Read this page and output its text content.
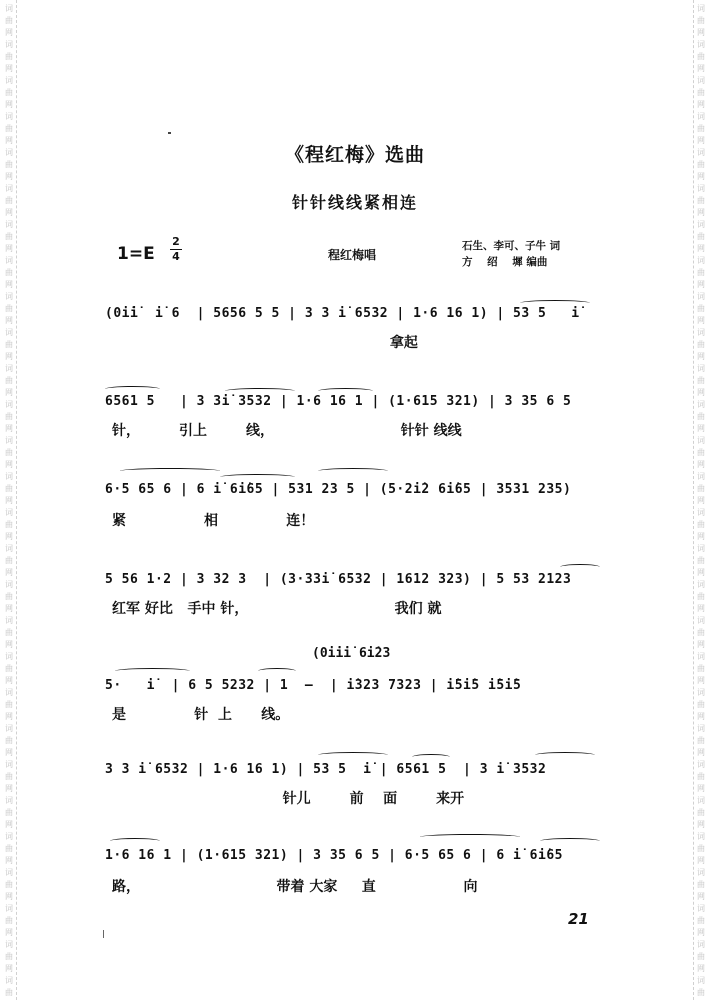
词
曲
网
词
曲
网
词
曲
网
词
曲
网
词
曲
网
词
曲
网
词
曲
网
词
曲
网
词
曲
网
词
曲
网
词
曲
网
词
曲
网
词
曲
网
词
曲
网
词
曲
网
词
曲
网
词
曲
网
词
曲
网
词
曲
网
词
曲
网
词
曲
网
词
曲
网
词
曲
网
词
曲
网
词
曲
网
词
曲
网
词
曲
网
词
曲
词
曲
网
词
曲
网
词
曲
网
词
曲
网
词
曲
网
词
曲
网
词
曲
网
词
曲
网
词
曲
网
词
曲
网
词
曲
网
词
曲
网
词
曲
网
词
曲
网
词
曲
网
词
曲
网
词
曲
网
词
曲
网
词
曲
网
词
曲
网
词
曲
网
词
曲
网
词
曲
网
词
曲
网
词
曲
网
词
曲
网
词
曲
网
词
曲
《程红梅》选曲
针针线线紧相连
1=E
2
4	程红梅唱
石生、李可、子牛 词
方    绍    墀 编曲
(0i̇i̇  i̇ 6  | 5656 5 5 | 3 3 i̇ 6532 | 1·6 16 1) | 53 5   i̇
拿起
6561 5   | 3 3i̇ 3532 | 1·6 16 1 | (1·615 321) | 3 35 6 5
针，        引上        线，                          针针 线线
6·5 65 6 | 6 i̇ 6i̇65 | 531 23 5 | (5·2i̇2 6i̇65 | 3531 235)
紧                相              连！
5 56 1·2 | 3 32 3  | (3·33i̇ 6532 | 1612 323) | 5 53 2123
红军 好比   手中 针，                              我们 就
(0i̇i̇i̇ 6i̇23
5·   i̇  | 6 5 5232 | 1  —  | i̇323 7323 | i̇5i̇5 i̇5i̇5
是              针  上      线。
3 3 i̇ 6532 | 1·6 16 1) | 53 5  i̇ | 6561 5  | 3 i̇ 3532
针儿        前    面        来开
1·6 16 1 | (1·615 321) | 3 35 6 5 | 6·5 65 6 | 6 i̇ 6i̇65
路，                            带着 大家     直                  向
21
